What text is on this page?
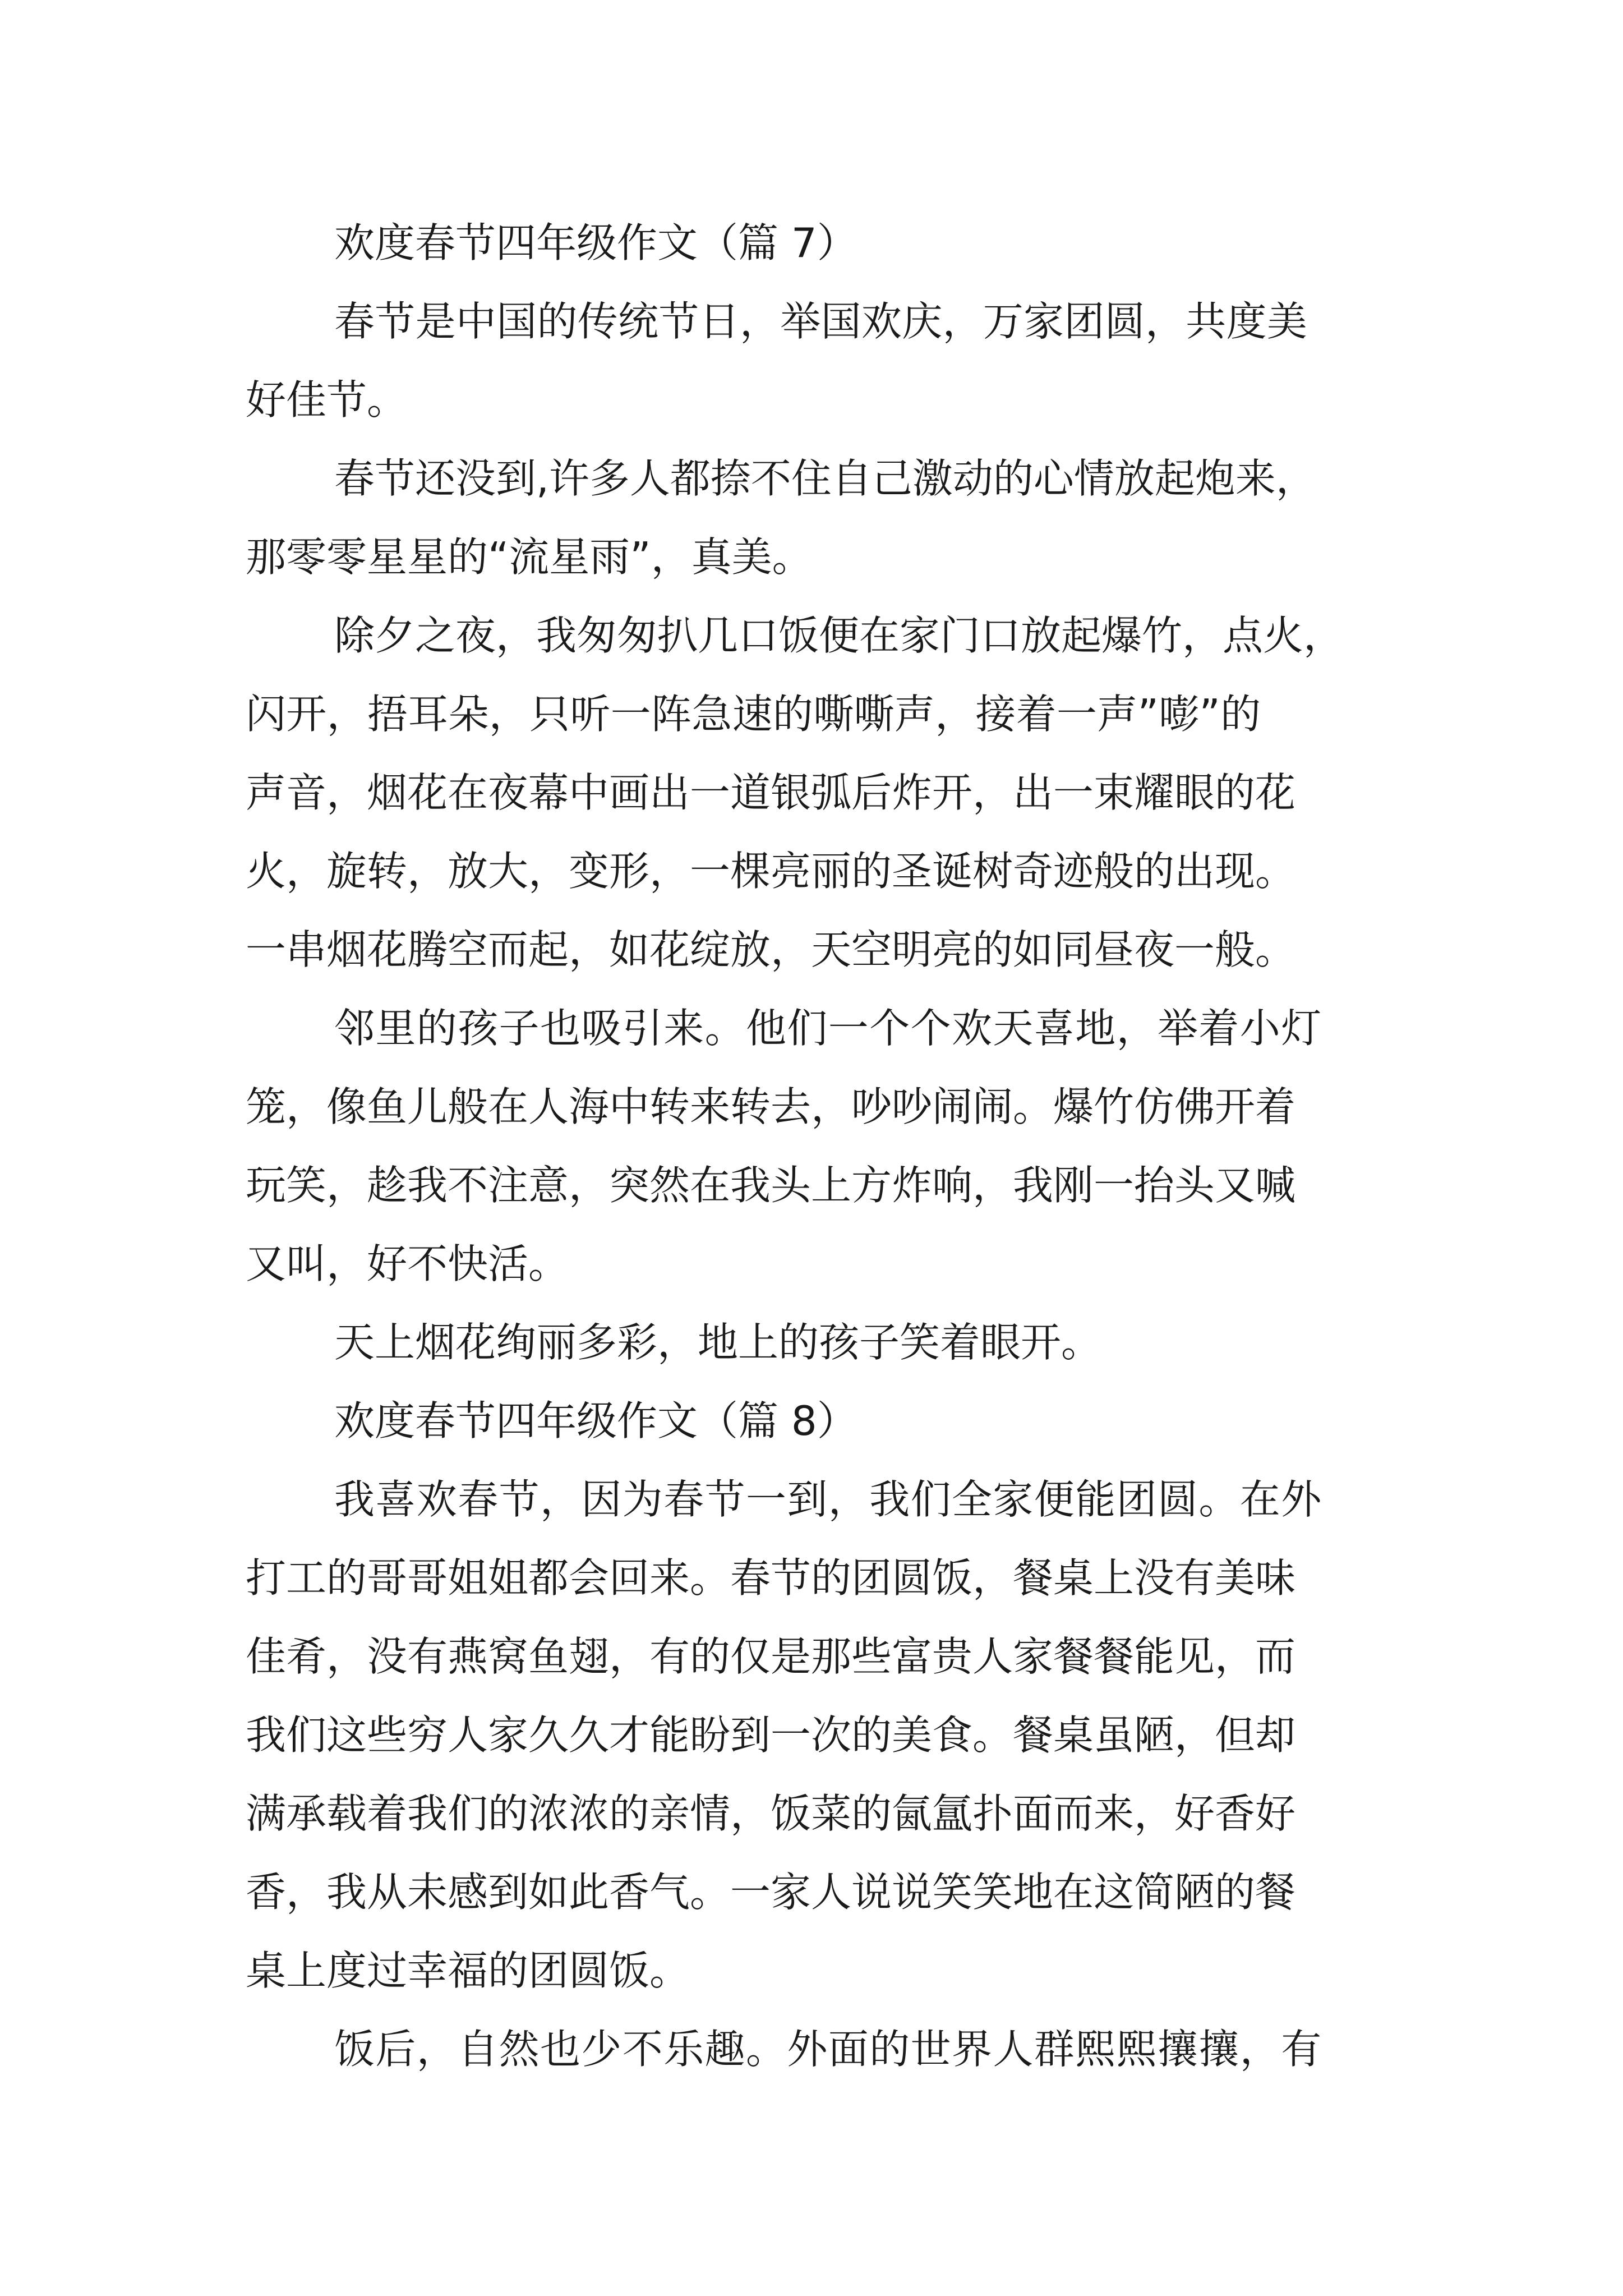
欢度春节四年级作文（篇 7）
春节是中国的传统节日，举国欢庆，万家团圆，共度美
好佳节。
春节还没到,许多人都捺不住自己激动的心情放起炮来，
那零零星星的“流星雨”，真美。
除夕之夜，我匆匆扒几口饭便在家门口放起爆竹，点火，
闪开，捂耳朵，只听一阵急速的嘶嘶声，接着一声”嘭”的
声音，烟花在夜幕中画出一道银弧后炸开，出一束耀眼的花
火，旋转，放大，变形，一棵亮丽的圣诞树奇迹般的出现。
一串烟花腾空而起，如花绽放，天空明亮的如同昼夜一般。
邻里的孩子也吸引来。他们一个个欢天喜地，举着小灯
笼，像鱼儿般在人海中转来转去，吵吵闹闹。爆竹仿佛开着
玩笑，趁我不注意，突然在我头上方炸响，我刚一抬头又喊
又叫，好不快活。
天上烟花绚丽多彩，地上的孩子笑着眼开。
欢度春节四年级作文（篇 8）
我喜欢春节，因为春节一到，我们全家便能团圆。在外
打工的哥哥姐姐都会回来。春节的团圆饭，餐桌上没有美味
佳肴，没有燕窝鱼翅，有的仅是那些富贵人家餐餐能见，而
我们这些穷人家久久才能盼到一次的美食。餐桌虽陋，但却
满承载着我们的浓浓的亲情，饭菜的氤氲扑面而来，好香好
香，我从未感到如此香气。一家人说说笑笑地在这简陋的餐
桌上度过幸福的团圆饭。
饭后，自然也少不乐趣。外面的世界人群熙熙攘攘，有
